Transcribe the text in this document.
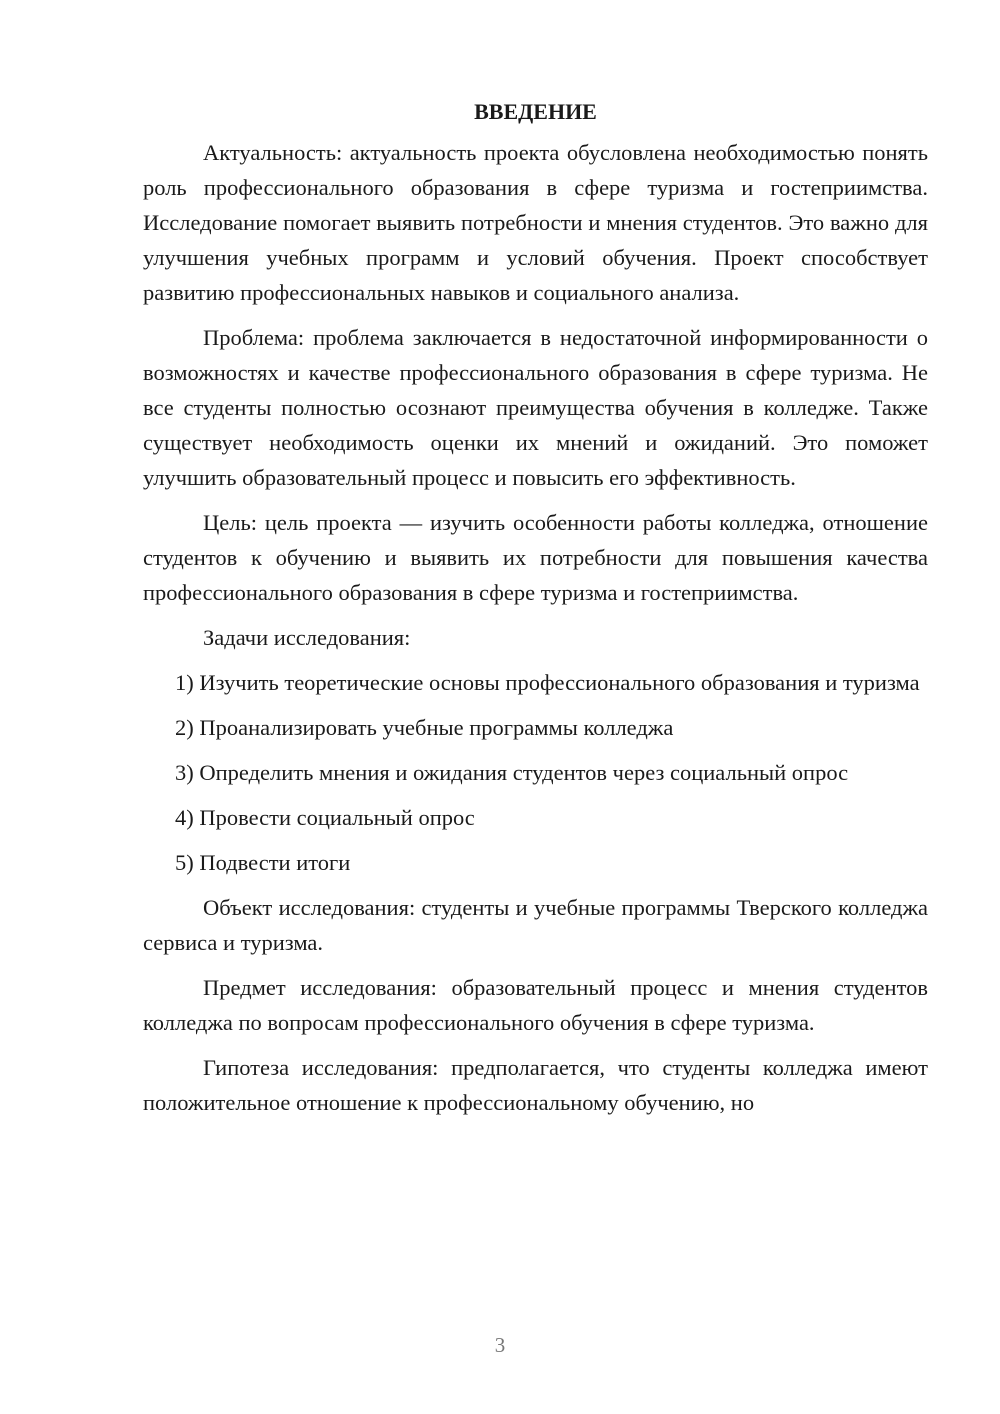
ВВЕДЕНИЕ

Актуальность: актуальность проекта обусловлена необходимостью понять роль профессионального образования в сфере туризма и гостеприимства. Исследование помогает выявить потребности и мнения студентов. Это важно для улучшения учебных программ и условий обучения. Проект способствует развитию профессиональных навыков и социального анализа.

Проблема: проблема заключается в недостаточной информированности о возможностях и качестве профессионального образования в сфере туризма. Не все студенты полностью осознают преимущества обучения в колледже. Также существует необходимость оценки их мнений и ожиданий. Это поможет улучшить образовательный процесс и повысить его эффективность.

Цель: цель проекта — изучить особенности работы колледжа, отношение студентов к обучению и выявить их потребности для повышения качества профессионального образования в сфере туризма и гостеприимства.

Задачи исследования:

1) Изучить теоретические основы профессионального образования и туризма

2) Проанализировать учебные программы колледжа

3) Определить мнения и ожидания студентов через социальный опрос

4) Провести социальный опрос

5) Подвести итоги

Объект исследования: студенты и учебные программы Тверского колледжа сервиса и туризма.

Предмет исследования: образовательный процесс и мнения студентов колледжа по вопросам профессионального обучения в сфере туризма.

Гипотеза исследования: предполагается, что студенты колледжа имеют положительное отношение к профессиональному обучению, но

3
